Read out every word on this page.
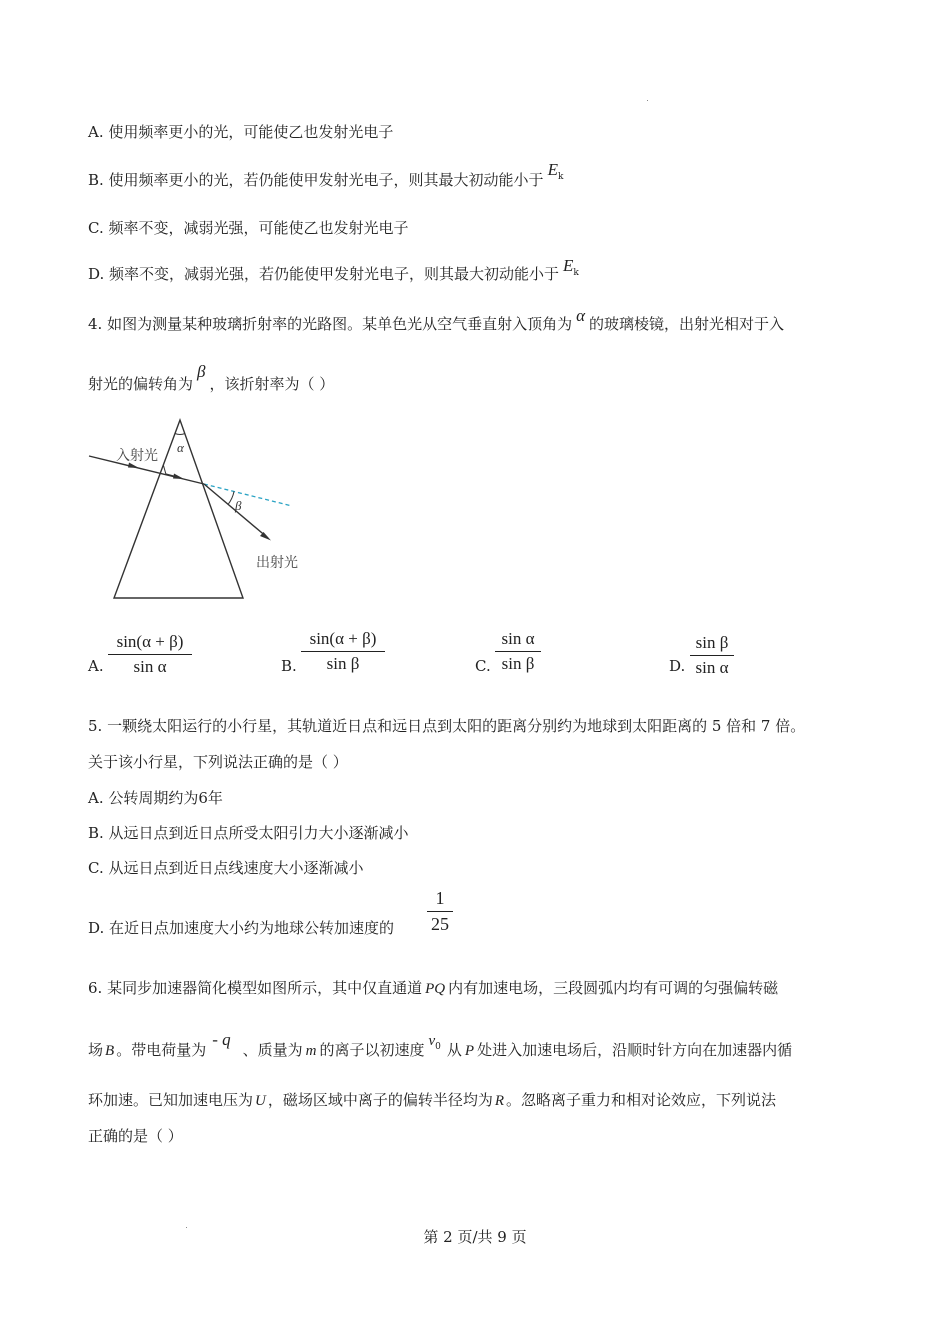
A. 使用频率更小的光，可能使乙也发射光电子
B. 使用频率更小的光，若仍能使甲发射光电子，则其最大初动能小于$E^k$
C. 频率不变，减弱光强，可能使乙也发射光电子
D. 频率不变，减弱光强，若仍能使甲发射光电子，则其最大初动能小于 $E^k$
4. 如图为测量某种玻璃折射率的光路图。某单色光从空气垂直射入顶角为 α 的玻璃棱镜，出射光相对于入
射光的偏转角为β，该折射率为（ ）
入射光
出射光
α
β
A. $\frac{\sin(\alpha + \beta)}{\text{sin α}}$	B. $\frac{\sin(\alpha + \beta)}{\text{sin β}}$	C. $\frac{\text{sin α}}{\text{sin β}}$	D. $\frac{\text{sin β}}{\text{sin α}}$
5. 一颗绕太阳运行的小行星，其轨道近日点和远日点到太阳的距离分别约为地球到太阳距离的 5 倍和 7 倍。
关于该小行星，下列说法正确的是（ ）
A. 公转周期约为6年
B. 从远日点到近日点所受太阳引力大小逐渐减小
C. 从远日点到近日点线速度大小逐渐减小
D. 在近日点加速度大小约为地球公转加速度的 $\frac{1}{25}$
6. 某同步加速器简化模型如图所示，其中仅直通道 PQ 内有加速电场，三段圆弧内均有可调的匀强偏转磁
场 B 。带电荷量为- q、质量为 m 的离子以初速度 $v^0$ 从 P 处进入加速电场后，沿顺时针方向在加速器内循
环加速。已知加速电压为 U ，磁场区域中离子的偏转半径均为 R 。忽略离子重力和相对论效应，下列说法
正确的是（ ）
第 2 页/共 9 页
